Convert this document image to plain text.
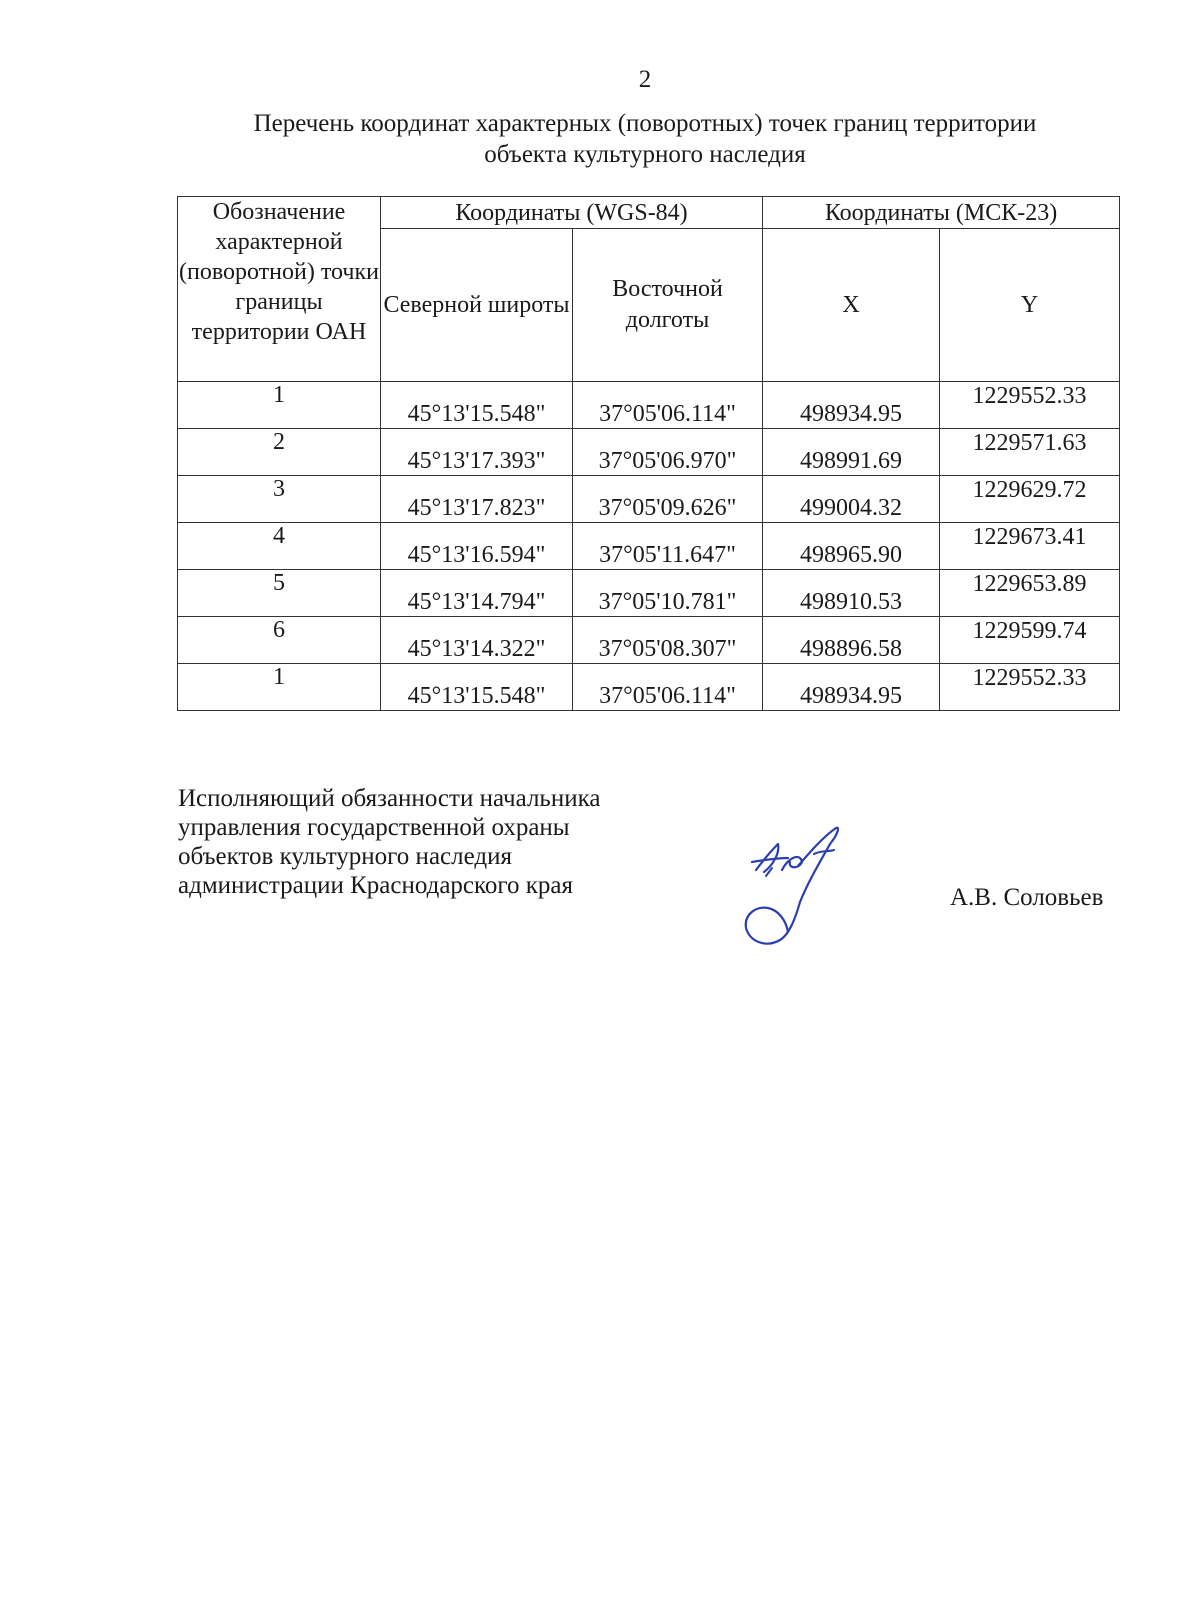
2
Перечень координат характерных (поворотных) точек границ территории
объекта культурного наследия
Обозначение характерной (поворотной) точки границы территории ОАН	Координаты (WGS-84)		Координаты (МСК-23)	
	Северной широты	Восточной долготы	X	Y
1	45°13'15.548"	37°05'06.114"	498934.95	1229552.33
2	45°13'17.393"	37°05'06.970"	498991.69	1229571.63
3	45°13'17.823"	37°05'09.626"	499004.32	1229629.72
4	45°13'16.594"	37°05'11.647"	498965.90	1229673.41
5	45°13'14.794"	37°05'10.781"	498910.53	1229653.89
6	45°13'14.322"	37°05'08.307"	498896.58	1229599.74
1	45°13'15.548"	37°05'06.114"	498934.95	1229552.33
Исполняющий обязанности начальника
управления государственной охраны
объектов культурного наследия
администрации Краснодарского края	А.В. Соловьев
